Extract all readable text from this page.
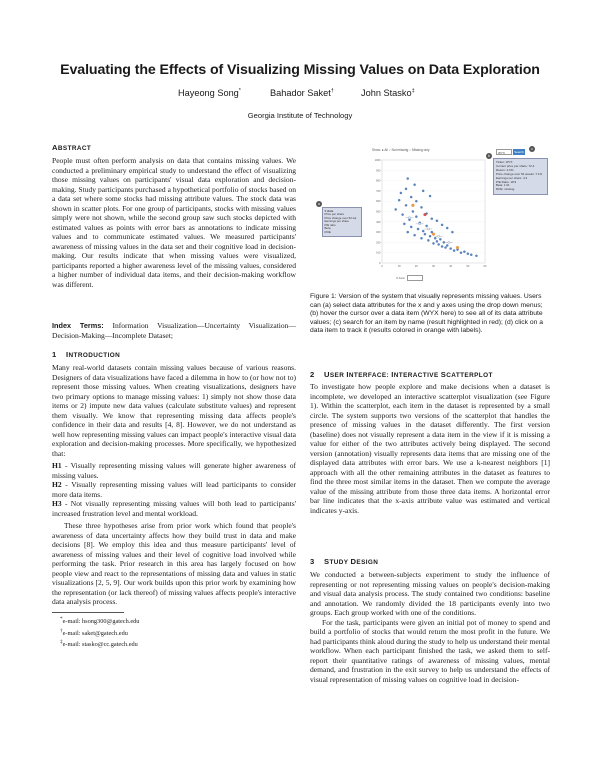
Evaluating the Effects of Visualizing Missing Values on Data Exploration
Hayeong Song*	Bahador Saket†	John Stasko‡
Georgia Institute of Technology
ABSTRACT

People must often perform analysis on data that contains missing values. We conducted a preliminary empirical study to understand the effect of visualizing those missing values on participants' visual data exploration and decision-making. Study participants purchased a hypothetical portfolio of stocks based on a data set where some stocks had missing attribute values. The stock data was shown in scatter plots. For one group of participants, stocks with missing values simply were not shown, while the second group saw such stocks depicted with estimated values as points with error bars as annotations to indicate missing values and to communicate estimated values. We measured participants' awareness of missing values in the data set and their cognitive load in decision-making. Our results indicate that when missing values were visualized, participants reported a higher awareness level of the missing values, considered a higher number of individual data items, and their decision-making workflow was different.

Index Terms: Information Visualization—Uncertainty Visualization—Decision-Making—Incomplete Dataset;

1 INTRODUCTION

Many real-world datasets contain missing values because of various reasons. Designers of data visualizations have faced a dilemma in how to (or how not to) represent those missing values. When creating visualizations, designers have two primary options to manage missing values: 1) simply not show those data items or 2) impute new data values (calculate substitute values) and represent them visually. We know that representing missing data affects people's confidence in their data and results [4, 8]. However, we do not understand as well how representing missing values can impact people's interactive visual data exploration and decision-making processes. More specifically, we hypothesized that:

H1 - Visually representing missing values will generate higher awareness of missing values.

H2 - Visually representing missing values will lead participants to consider more data items.

H3 - Not visually representing missing values will both lead to participants' increased frustration level and mental workload.

These three hypotheses arise from prior work which found that people's awareness of data uncertainty affects how they build trust in data and make decisions [8]. We employ this idea and thus measure participants' level of awareness of missing values and their level of cognitive load involved while performing the task. Prior research in this area has largely focused on how people view and react to the representations of missing data and values in static visualizations [2, 5, 9]. Our work builds upon this prior work by examining how the representation (or lack thereof) of missing values affects people's interactive data analysis process.

*e-mail: hsong300@gatech.edu
†e-mail: saket@gatech.edu
‡e-mail: stasko@cc.gatech.edu
Show: ● All ○ Not missing ○ Missing only
WYX	Search
a
b
c
1000
900
800
700
600
500
400
300
200
100
0
0	10	20	30	40	50	60
Ticker: WYX
Current price per share: 72.4
Return: 4.6%
Price change over 52 weeks: 7.1%
Earnings per share: 4.3
P/E Ratio: 18.9
Beta: 1.01
ROE: missing
Y Axis
Price per share
Price change over 52 wk
Earnings per share
P/E ratio
Beta
ROE
X Axis:
Figure 1: Version of the system that visually represents missing values. Users can (a) select data attributes for the x and y axes using the drop down menus; (b) hover the cursor over a data item (WYX here) to see all of its data attribute values; (c) search for an item by name (result highlighted in red); (d) click on a data item to track it (results colored in orange with labels).
2 USER INTERFACE: INTERACTIVE SCATTERPLOT

To investigate how people explore and make decisions when a dataset is incomplete, we developed an interactive scatterplot visualization (see Figure 1). Within the scatterplot, each item in the dataset is represented by a small circle. The system supports two versions of the scatterplot that handles the presence of missing values in the dataset differently. The first version (baseline) does not visually represent a data item in the view if it is missing a value for either of the two attributes actively being displayed. The second version (annotation) visually represents data items that are missing one of the displayed data attributes with error bars. We use a k-nearest neighbors [1] approach with all the other remaining attributes in the dataset as features to find the three most similar items in the dataset. Then we compute the average value of the missing attribute from those three data items. A horizontal error bar line indicates that the x-axis attribute value was estimated and vertical indicates y-axis.

3 STUDY DESIGN

We conducted a between-subjects experiment to study the influence of representing or not representing missing values on people's decision-making and visual data analysis process. The study contained two conditions: baseline and annotation. We randomly divided the 18 participants evenly into two groups. Each group worked with one of the conditions.

For the task, participants were given an initial pot of money to spend and build a portfolio of stocks that would return the most profit in the future. We had participants think aloud during the study to help us understand their mental workflow. When each participant finished the task, we asked them to self-report their quantitative ratings of awareness of missing values, mental demand, and frustration in the exit survey to help us understand the effects of visual representation of missing values on cognitive load in decision-
